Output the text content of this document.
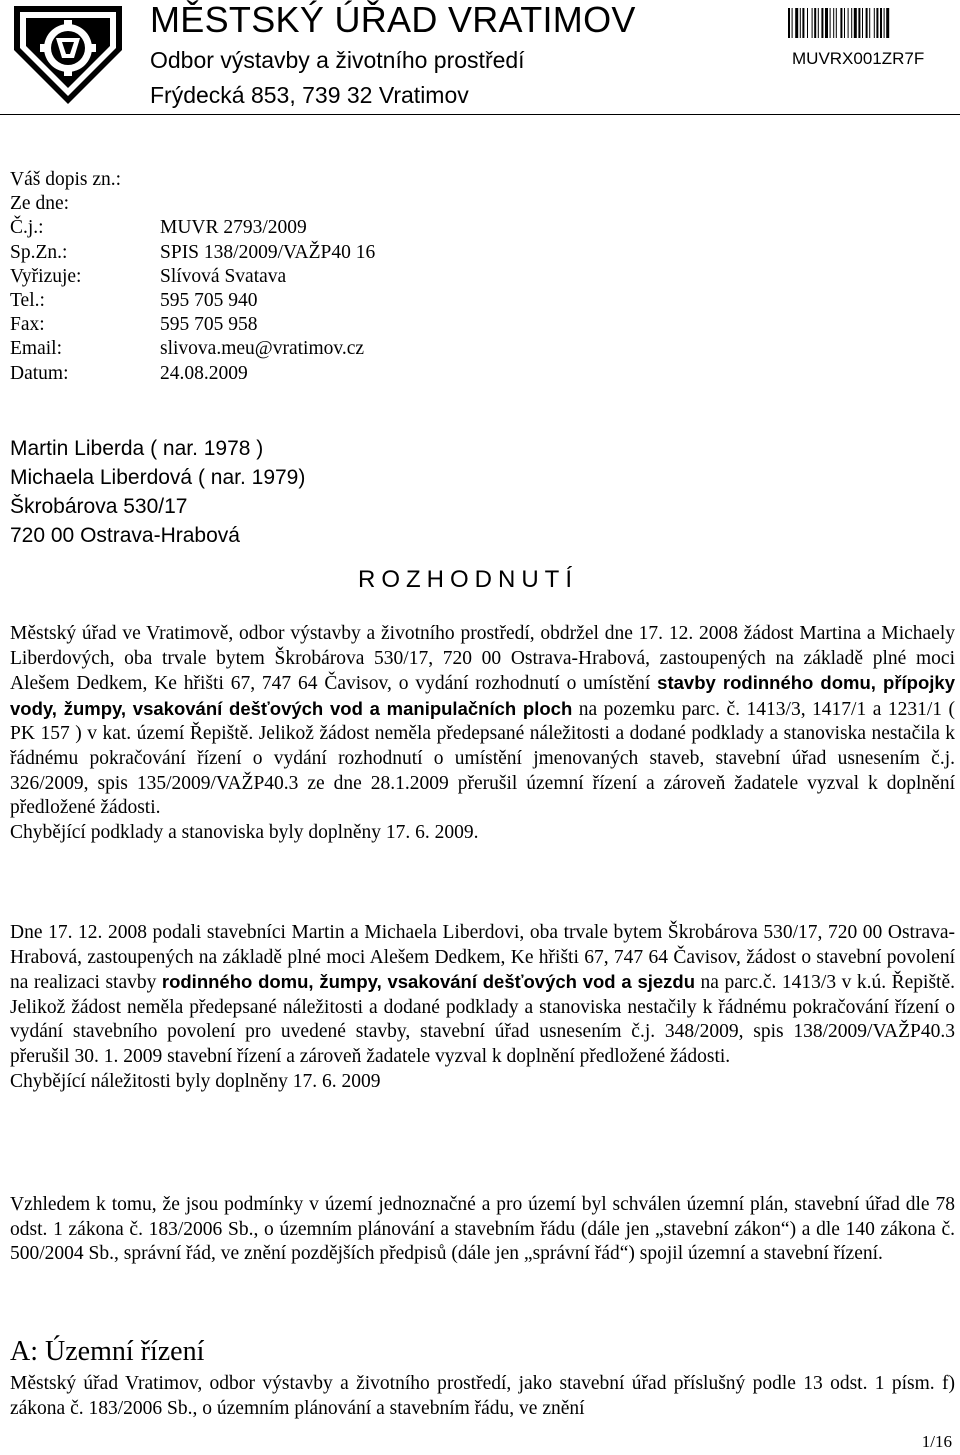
MĚSTSKÝ ÚŘAD VRATIMOV
Odbor výstavby a životního prostředí
Frýdecká 853, 739 32 Vratimov
MUVRX001ZR7F
Váš dopis zn.:
Ze dne:
Č.j.:	MUVR 2793/2009
Sp.Zn.:	SPIS 138/2009/VAŽP40 16
Vyřizuje:	Slívová Svatava
Tel.:	595 705 940
Fax:	595 705 958
Email:	slivova.meu@vratimov.cz
Datum:	24.08.2009
Martin Liberda ( nar. 1978 )
Michaela Liberdová ( nar. 1979)
Škrobárova 530/17
720 00 Ostrava-Hrabová
ROZHODNUTÍ

Městský úřad ve Vratimově, odbor výstavby a životního prostředí, obdržel dne 17. 12. 2008 žádost Martina a Michaely Liberdových, oba trvale bytem Škrobárova 530/17, 720 00 Ostrava-Hrabová, zastoupených na základě plné moci Alešem Dedkem, Ke hřišti 67, 747 64 Čavisov, o vydání rozhodnutí o umístění stavby rodinného domu, přípojky vody, žumpy, vsakování dešťových vod a manipulačních ploch na pozemku parc. č. 1413/3, 1417/1 a 1231/1 ( PK 157 ) v kat. území Řepiště. Jelikož žádost neměla předepsané náležitosti a dodané podklady a stanoviska nestačila k řádnému pokračování řízení o vydání rozhodnutí o umístění jmenovaných staveb, stavební úřad usnesením č.j. 326/2009, spis 135/2009/VAŽP40.3 ze dne 28.1.2009 přerušil územní řízení a zároveň žadatele vyzval k doplnění předložené žádosti.

Chybějící podklady a stanoviska byly doplněny 17. 6. 2009.

Dne 17. 12. 2008 podali stavebníci Martin a Michaela Liberdovi, oba trvale bytem Škrobárova 530/17, 720 00 Ostrava-Hrabová, zastoupených na základě plné moci Alešem Dedkem, Ke hřišti 67, 747 64 Čavisov, žádost o stavební povolení na realizaci stavby rodinného domu, žumpy, vsakování dešťových vod a sjezdu na parc.č. 1413/3 v k.ú. Řepiště. Jelikož žádost neměla předepsané náležitosti a dodané podklady a stanoviska nestačily k řádnému pokračování řízení o vydání stavebního povolení pro uvedené stavby, stavební úřad usnesením č.j. 348/2009, spis 138/2009/VAŽP40.3 přerušil 30. 1. 2009 stavební řízení a zároveň žadatele vyzval k doplnění předložené žádosti.

Chybějící náležitosti byly doplněny 17. 6. 2009

Vzhledem k tomu, že jsou podmínky v území jednoznačné a pro území byl schválen územní plán, stavební úřad dle 78 odst. 1 zákona č. 183/2006 Sb., o územním plánování a stavebním řádu (dále jen „stavební zákon“) a dle 140 zákona č. 500/2004 Sb., správní řád, ve znění pozdějších předpisů (dále jen „správní řád“) spojil územní a stavební řízení.

A: Územní řízení

Městský úřad Vratimov, odbor výstavby a životního prostředí, jako stavební úřad příslušný podle 13 odst. 1 písm. f) zákona č. 183/2006 Sb., o územním plánování a stavebním řádu, ve znění

1/16
